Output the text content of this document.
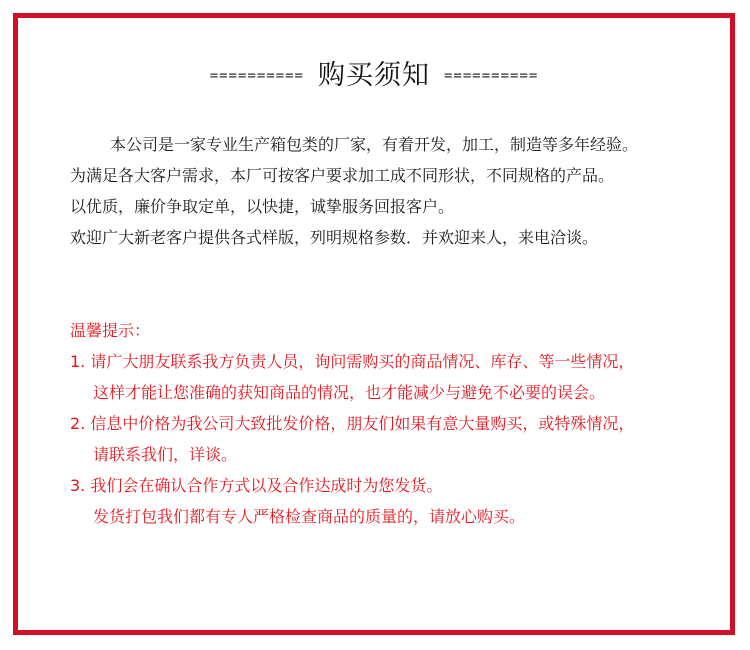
========== 购买须知 ==========

本公司是一家专业生产箱包类的厂家，有着开发，加工，制造等多年经验。

为满足各大客户需求，本厂可按客户要求加工成不同形状，不同规格的产品。

以优质，廉价争取定单，以快捷，诚挚服务回报客户。

欢迎广大新老客户提供各式样版，列明规格参数．并欢迎来人，来电洽谈。

温馨提示：

1. 请广大朋友联系我方负责人员，询问需购买的商品情况、库存、等一些情况，

这样才能让您准确的获知商品的情况，也才能减少与避免不必要的误会。

2. 信息中价格为我公司大致批发价格，朋友们如果有意大量购买，或特殊情况，

请联系我们，详谈。

3. 我们会在确认合作方式以及合作达成时为您发货。

发货打包我们都有专人严格检查商品的质量的，请放心购买。
